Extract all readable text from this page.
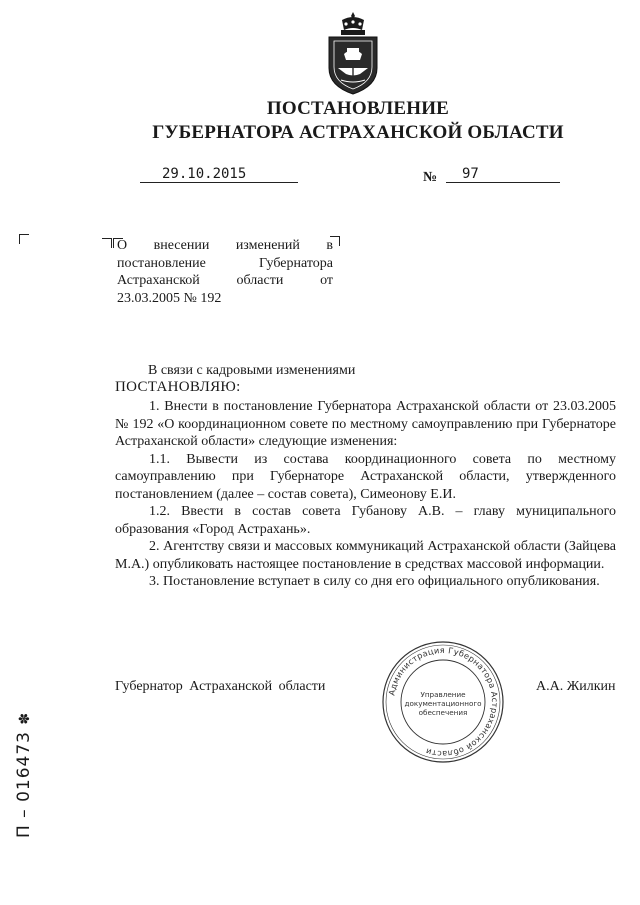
ПОСТАНОВЛЕНИЕ
ГУБЕРНАТОРА АСТРАХАНСКОЙ ОБЛАСТИ
29.10.2015	№	97
О внесении изменений в постановление Губернатора Астраханской области от 23.03.2005 № 192
В связи с кадровыми изменениями
ПОСТАНОВЛЯЮ:

1. Внести в постановление Губернатора Астраханской области от 23.03.2005 № 192 «О координационном совете по местному самоуправлению при Губернаторе Астраханской области» следующие изменения:

1.1. Вывести из состава координационного совета по местному самоуправлению при Губернаторе Астраханской области, утвержденного постановлением (далее – состав совета), Симеонову Е.И.

1.2. Ввести в состав совета Губанову А.В. – главу муниципального образования «Город Астрахань».

2. Агентству связи и массовых коммуникаций Астраханской области (Зайцева М.А.) опубликовать настоящее постановление в средствах массовой информации.

3. Постановление вступает в силу со дня его официального опубликования.

Губернатор Астраханской области	А.А. Жилкин
Администрация Губернатора Астраханской области
Управление
документационного
обеспечения
П – 016473 ✽
